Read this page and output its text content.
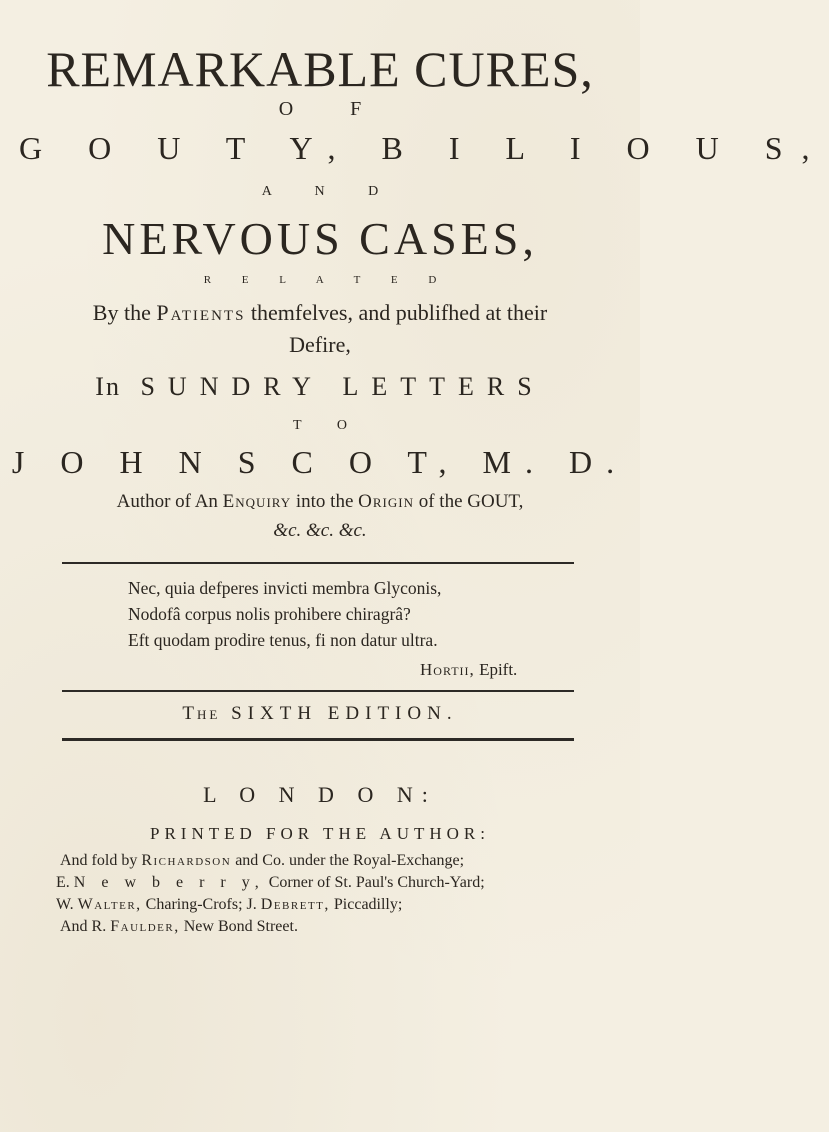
REMARKABLE CURES,
O F
G O U T Y, B I L I O U S,
A N D
NERVOUS CASES,
R E L A T E D
By the Patients themfelves, and publifhed at their
Defire,
In SUNDRY LETTERS
T O
J O H N S C O T, M. D.
Author of An Enquiry into the Origin of the GOUT,
&c. &c. &c.
Nec, quia defperes invicti membra Glyconis,
Nodofâ corpus nolis prohibere chiragrâ?
Eft quodam prodire tenus, fi non datur ultra.
Hortii, Epift.
The SIXTH EDITION.
L O N D O N:
PRINTED FOR THE AUTHOR:
And fold by Richardson and Co. under the Royal-Exchange;
E. N e w b e r r y, Corner of St. Paul's Church-Yard;
W. Walter, Charing-Crofs; J. Debrett, Piccadilly;
And R. Faulder, New Bond Street.
